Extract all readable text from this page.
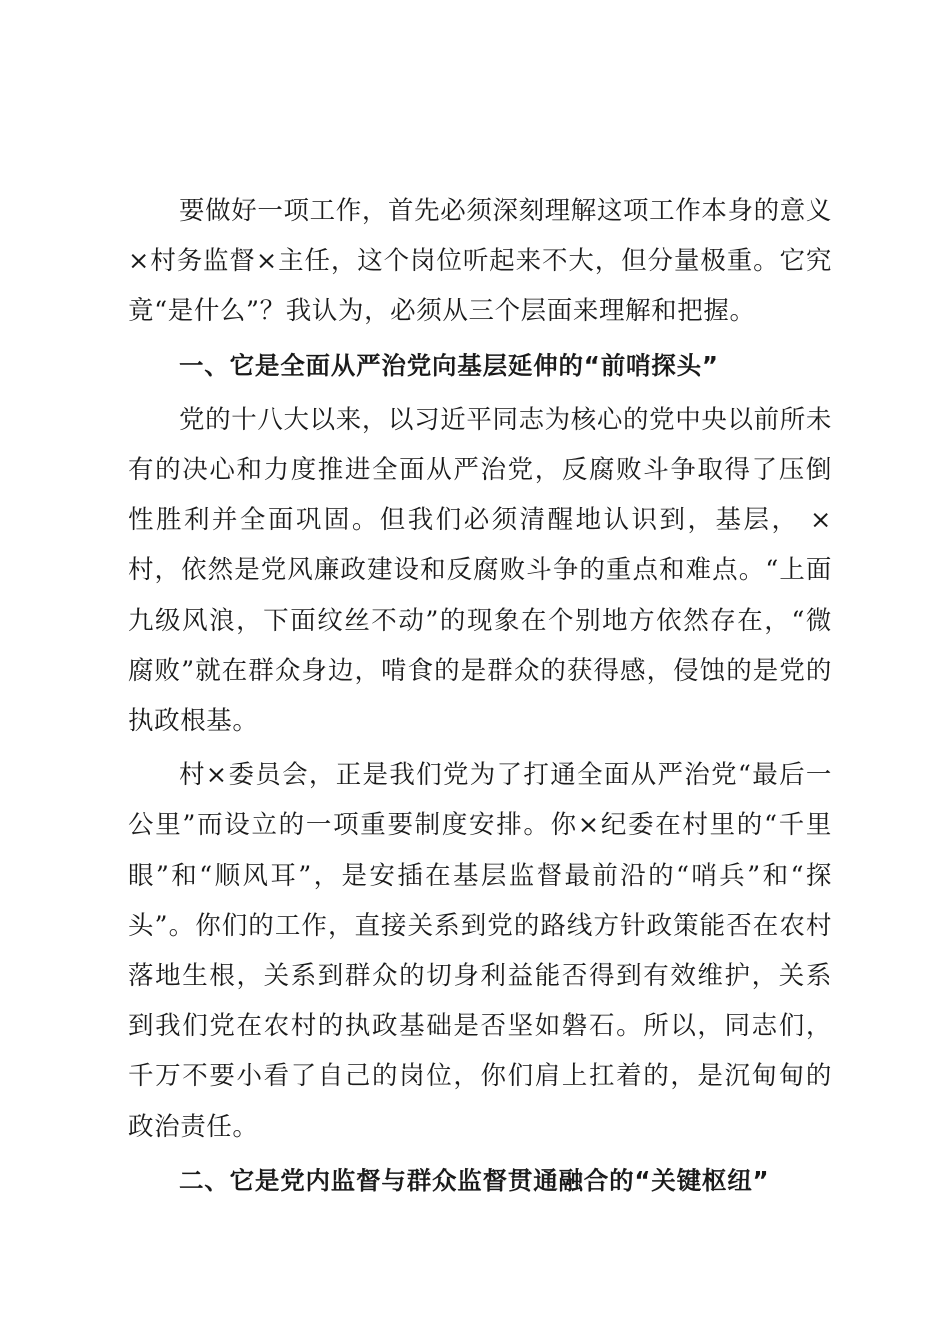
要做好一项工作，首先必须深刻理解这项工作本身的意义×村务监督×主任，这个岗位听起来不大，但分量极重。它究竟“是什么”？我认为，必须从三个层面来理解和把握。

一、它是全面从严治党向基层延伸的“前哨探头”

党的十八大以来，以习近平同志为核心的党中央以前所未有的决心和力度推进全面从严治党，反腐败斗争取得了压倒性胜利并全面巩固。但我们必须清醒地认识到，基层， ×村，依然是党风廉政建设和反腐败斗争的重点和难点。“上面九级风浪，下面纹丝不动”的现象在个别地方依然存在，“微腐败”就在群众身边，啃食的是群众的获得感，侵蚀的是党的执政根基。

村×委员会，正是我们党为了打通全面从严治党“最后一公里”而设立的一项重要制度安排。你×纪委在村里的“千里眼”和“顺风耳”，是安插在基层监督最前沿的“哨兵”和“探头”。你们的工作，直接关系到党的路线方针政策能否在农村落地生根，关系到群众的切身利益能否得到有效维护，关系到我们党在农村的执政基础是否坚如磐石。所以，同志们，千万不要小看了自己的岗位，你们肩上扛着的，是沉甸甸的政治责任。

二、它是党内监督与群众监督贯通融合的“关键枢纽”
